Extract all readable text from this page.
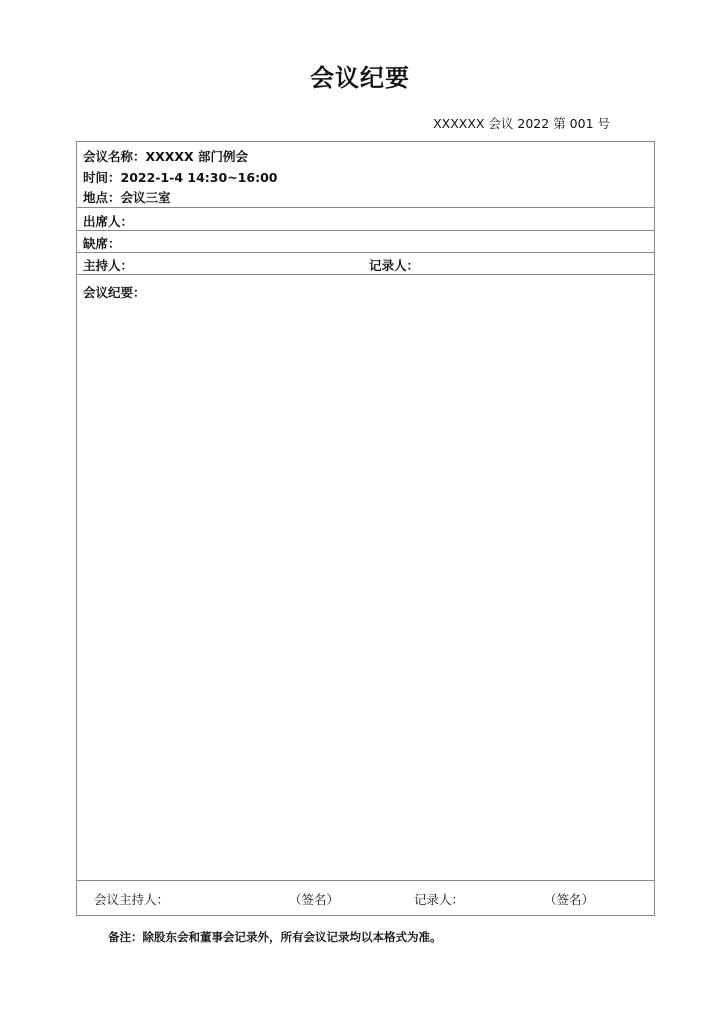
会议纪要
XXXXXX 会议 2022 第 001 号
会议名称：XXXXX 部门例会
时间：2022-1-4 14:30~16:00
地点：会议三室
出席人：
缺席：
主持人：	记录人：
会议纪要：
会议主持人：	（签名）	记录人：	（签名）
备注：除股东会和董事会记录外，所有会议记录均以本格式为准。
